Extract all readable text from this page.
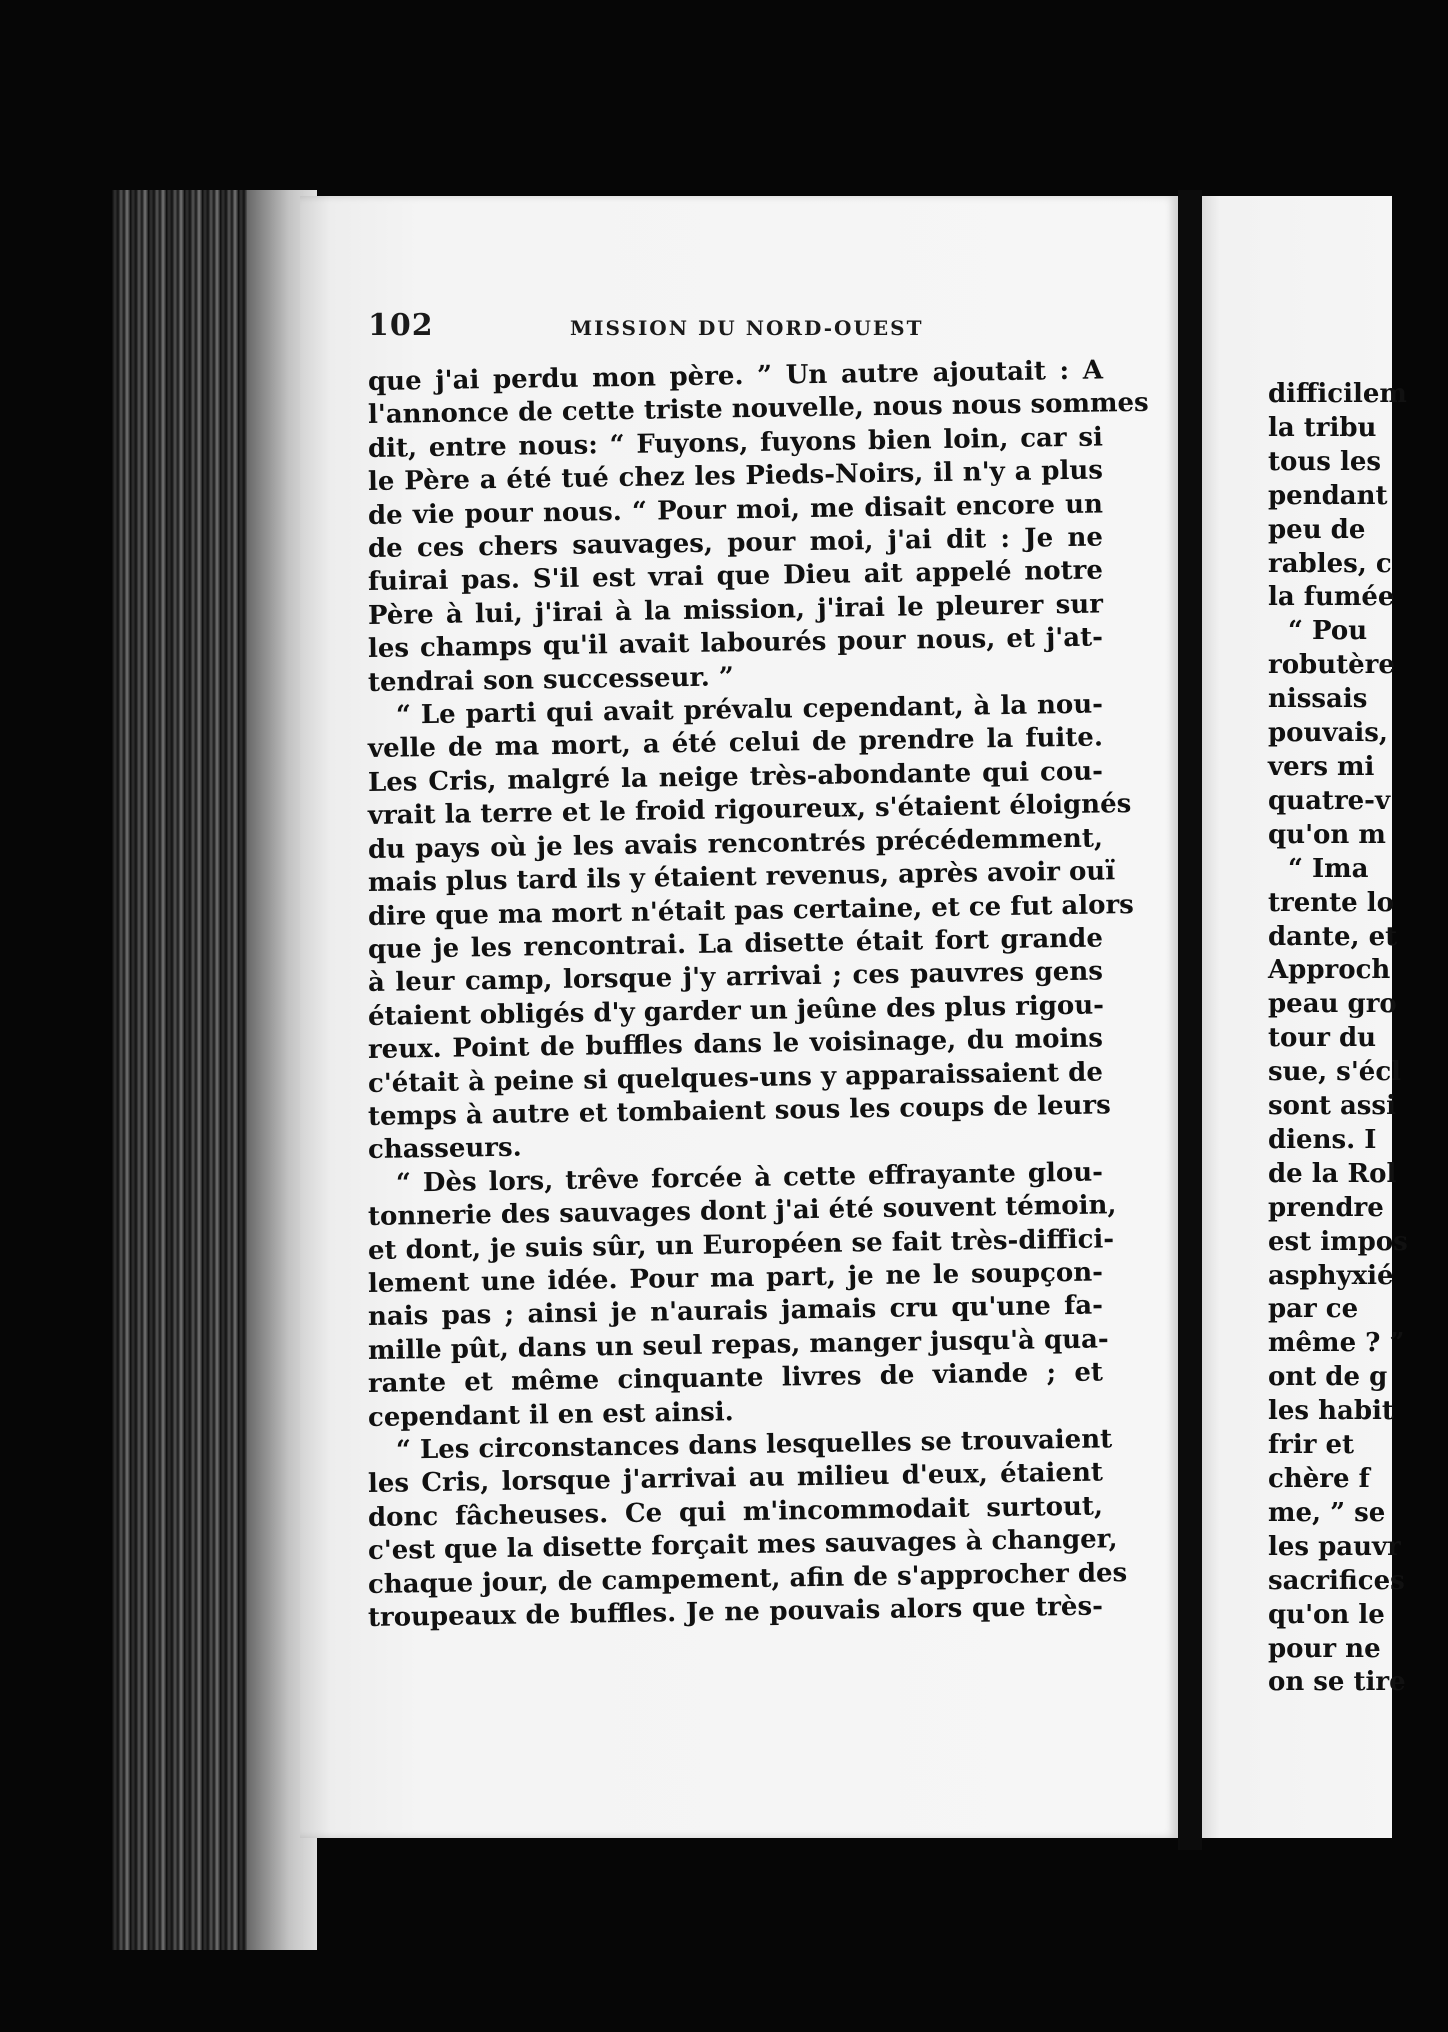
102	MISSION DU NORD-OUEST
que j'ai perdu mon père. ” Un autre ajoutait : A
l'annonce de cette triste nouvelle, nous nous sommes
dit, entre nous: “ Fuyons, fuyons bien loin, car si
le Père a été tué chez les Pieds-Noirs, il n'y a plus
de vie pour nous. “ Pour moi, me disait encore un
de ces chers sauvages, pour moi, j'ai dit : Je ne
fuirai pas. S'il est vrai que Dieu ait appelé notre
Père à lui, j'irai à la mission, j'irai le pleurer sur
les champs qu'il avait labourés pour nous, et j'at-
tendrai son successeur. ”
“ Le parti qui avait prévalu cependant, à la nou-
velle de ma mort, a été celui de prendre la fuite.
Les Cris, malgré la neige très-abondante qui cou-
vrait la terre et le froid rigoureux, s'étaient éloignés
du pays où je les avais rencontrés précédemment,
mais plus tard ils y étaient revenus, après avoir ouï
dire que ma mort n'était pas certaine, et ce fut alors
que je les rencontrai. La disette était fort grande
à leur camp, lorsque j'y arrivai ; ces pauvres gens
étaient obligés d'y garder un jeûne des plus rigou-
reux. Point de buffles dans le voisinage, du moins
c'était à peine si quelques-uns y apparaissaient de
temps à autre et tombaient sous les coups de leurs
chasseurs.
“ Dès lors, trêve forcée à cette effrayante glou-
tonnerie des sauvages dont j'ai été souvent témoin,
et dont, je suis sûr, un Européen se fait très-diffici-
lement une idée. Pour ma part, je ne le soupçon-
nais pas ; ainsi je n'aurais jamais cru qu'une fa-
mille pût, dans un seul repas, manger jusqu'à qua-
rante et même cinquante livres de viande ; et
cependant il en est ainsi.
“ Les circonstances dans lesquelles se trouvaient
les Cris, lorsque j'arrivai au milieu d'eux, étaient
donc fâcheuses. Ce qui m'incommodait surtout,
c'est que la disette forçait mes sauvages à changer,
chaque jour, de campement, afin de s'approcher des
troupeaux de buffles. Je ne pouvais alors que très-
difficilem
la tribu
tous les
pendant
peu de
rables, c
la fumée
“ Pou
robutère
nissais
pouvais,
vers mi
quatre-v
qu'on m
“ Ima
trente lo
dante, et
Approch
peau gro
tour du
sue, s'écl
sont assi
diens. I
de la Rol
prendre
est impos
asphyxié
par ce
même ? ”
ont de g
les habit
frir et
chère f
me, ” se
les pauvr
sacrifices
qu'on le
pour ne
on se tire
